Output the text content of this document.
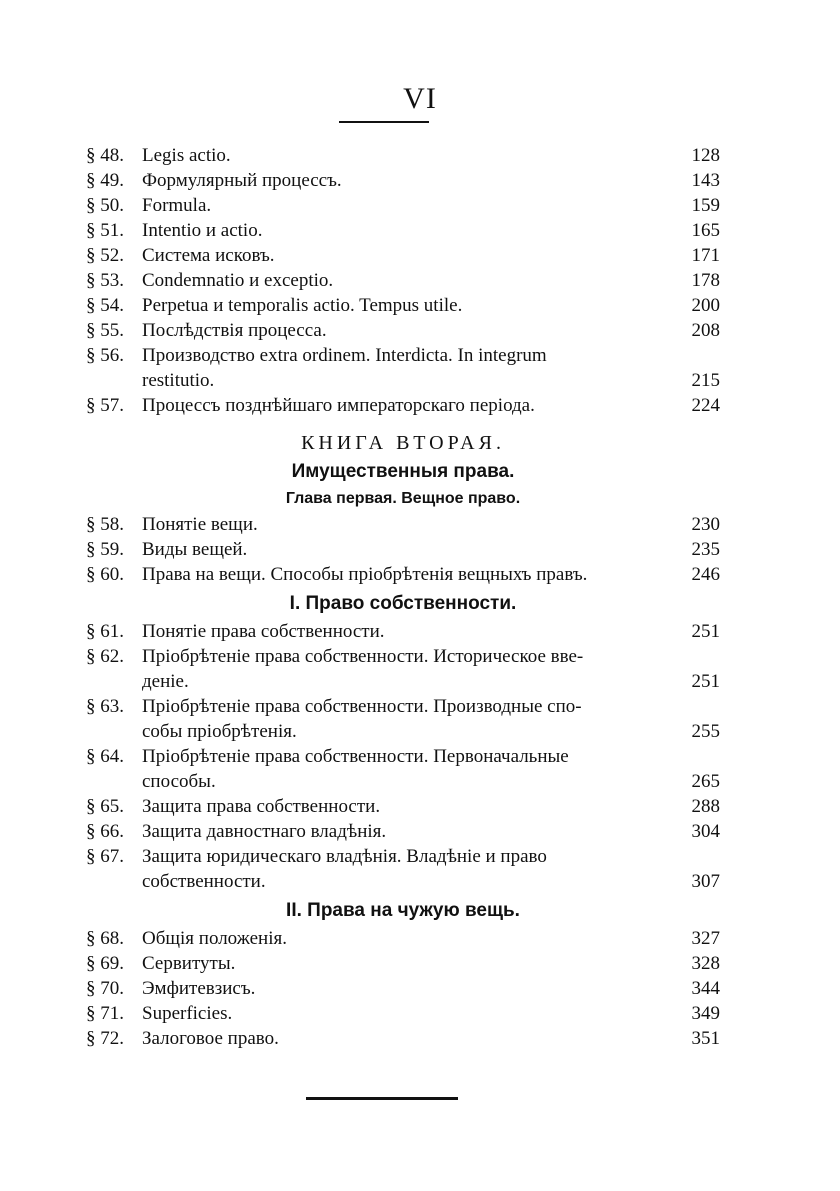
VI
§ 48. Legis actio.	128
§ 49. Формулярный процессъ.	143
§ 50. Formula.	159
§ 51. Intentio и actio.	165
§ 52. Система исковъ.	171
§ 53. Condemnatio и exceptio.	178
§ 54. Perpetua и temporalis actio. Tempus utile.	200
§ 55. Послѣдствія процесса.	208
§ 56. Производство extra ordinem. Interdicta. In integrum
restitutio.	215
§ 57. Процессъ позднѣйшаго императорскаго періода.	224
КНИГА ВТОРАЯ.
Имущественныя права.
Глава первая. Вещное право.
§ 58. Понятіе вещи.	230
§ 59. Виды вещей.	235
§ 60. Права на вещи. Способы пріобрѣтенія вещныхъ правъ.	246
I. Право собственности.
§ 61. Понятіе права собственности.	251
§ 62. Пріобрѣтеніе права собственности. Историческое вве-
деніе.	251
§ 63. Пріобрѣтеніе права собственности. Производные спо-
собы пріобрѣтенія.	255
§ 64. Пріобрѣтеніе права собственности. Первоначальные
способы.	265
§ 65. Защита права собственности.	288
§ 66. Защита давностнаго владѣнія.	304
§ 67. Защита юридическаго владѣнія. Владѣніе и право
собственности.	307
II. Права на чужую вещь.
§ 68. Общія положенія.	327
§ 69. Сервитуты.	328
§ 70. Эмфитевзисъ.	344
§ 71. Superficies.	349
§ 72. Залоговое право.	351
